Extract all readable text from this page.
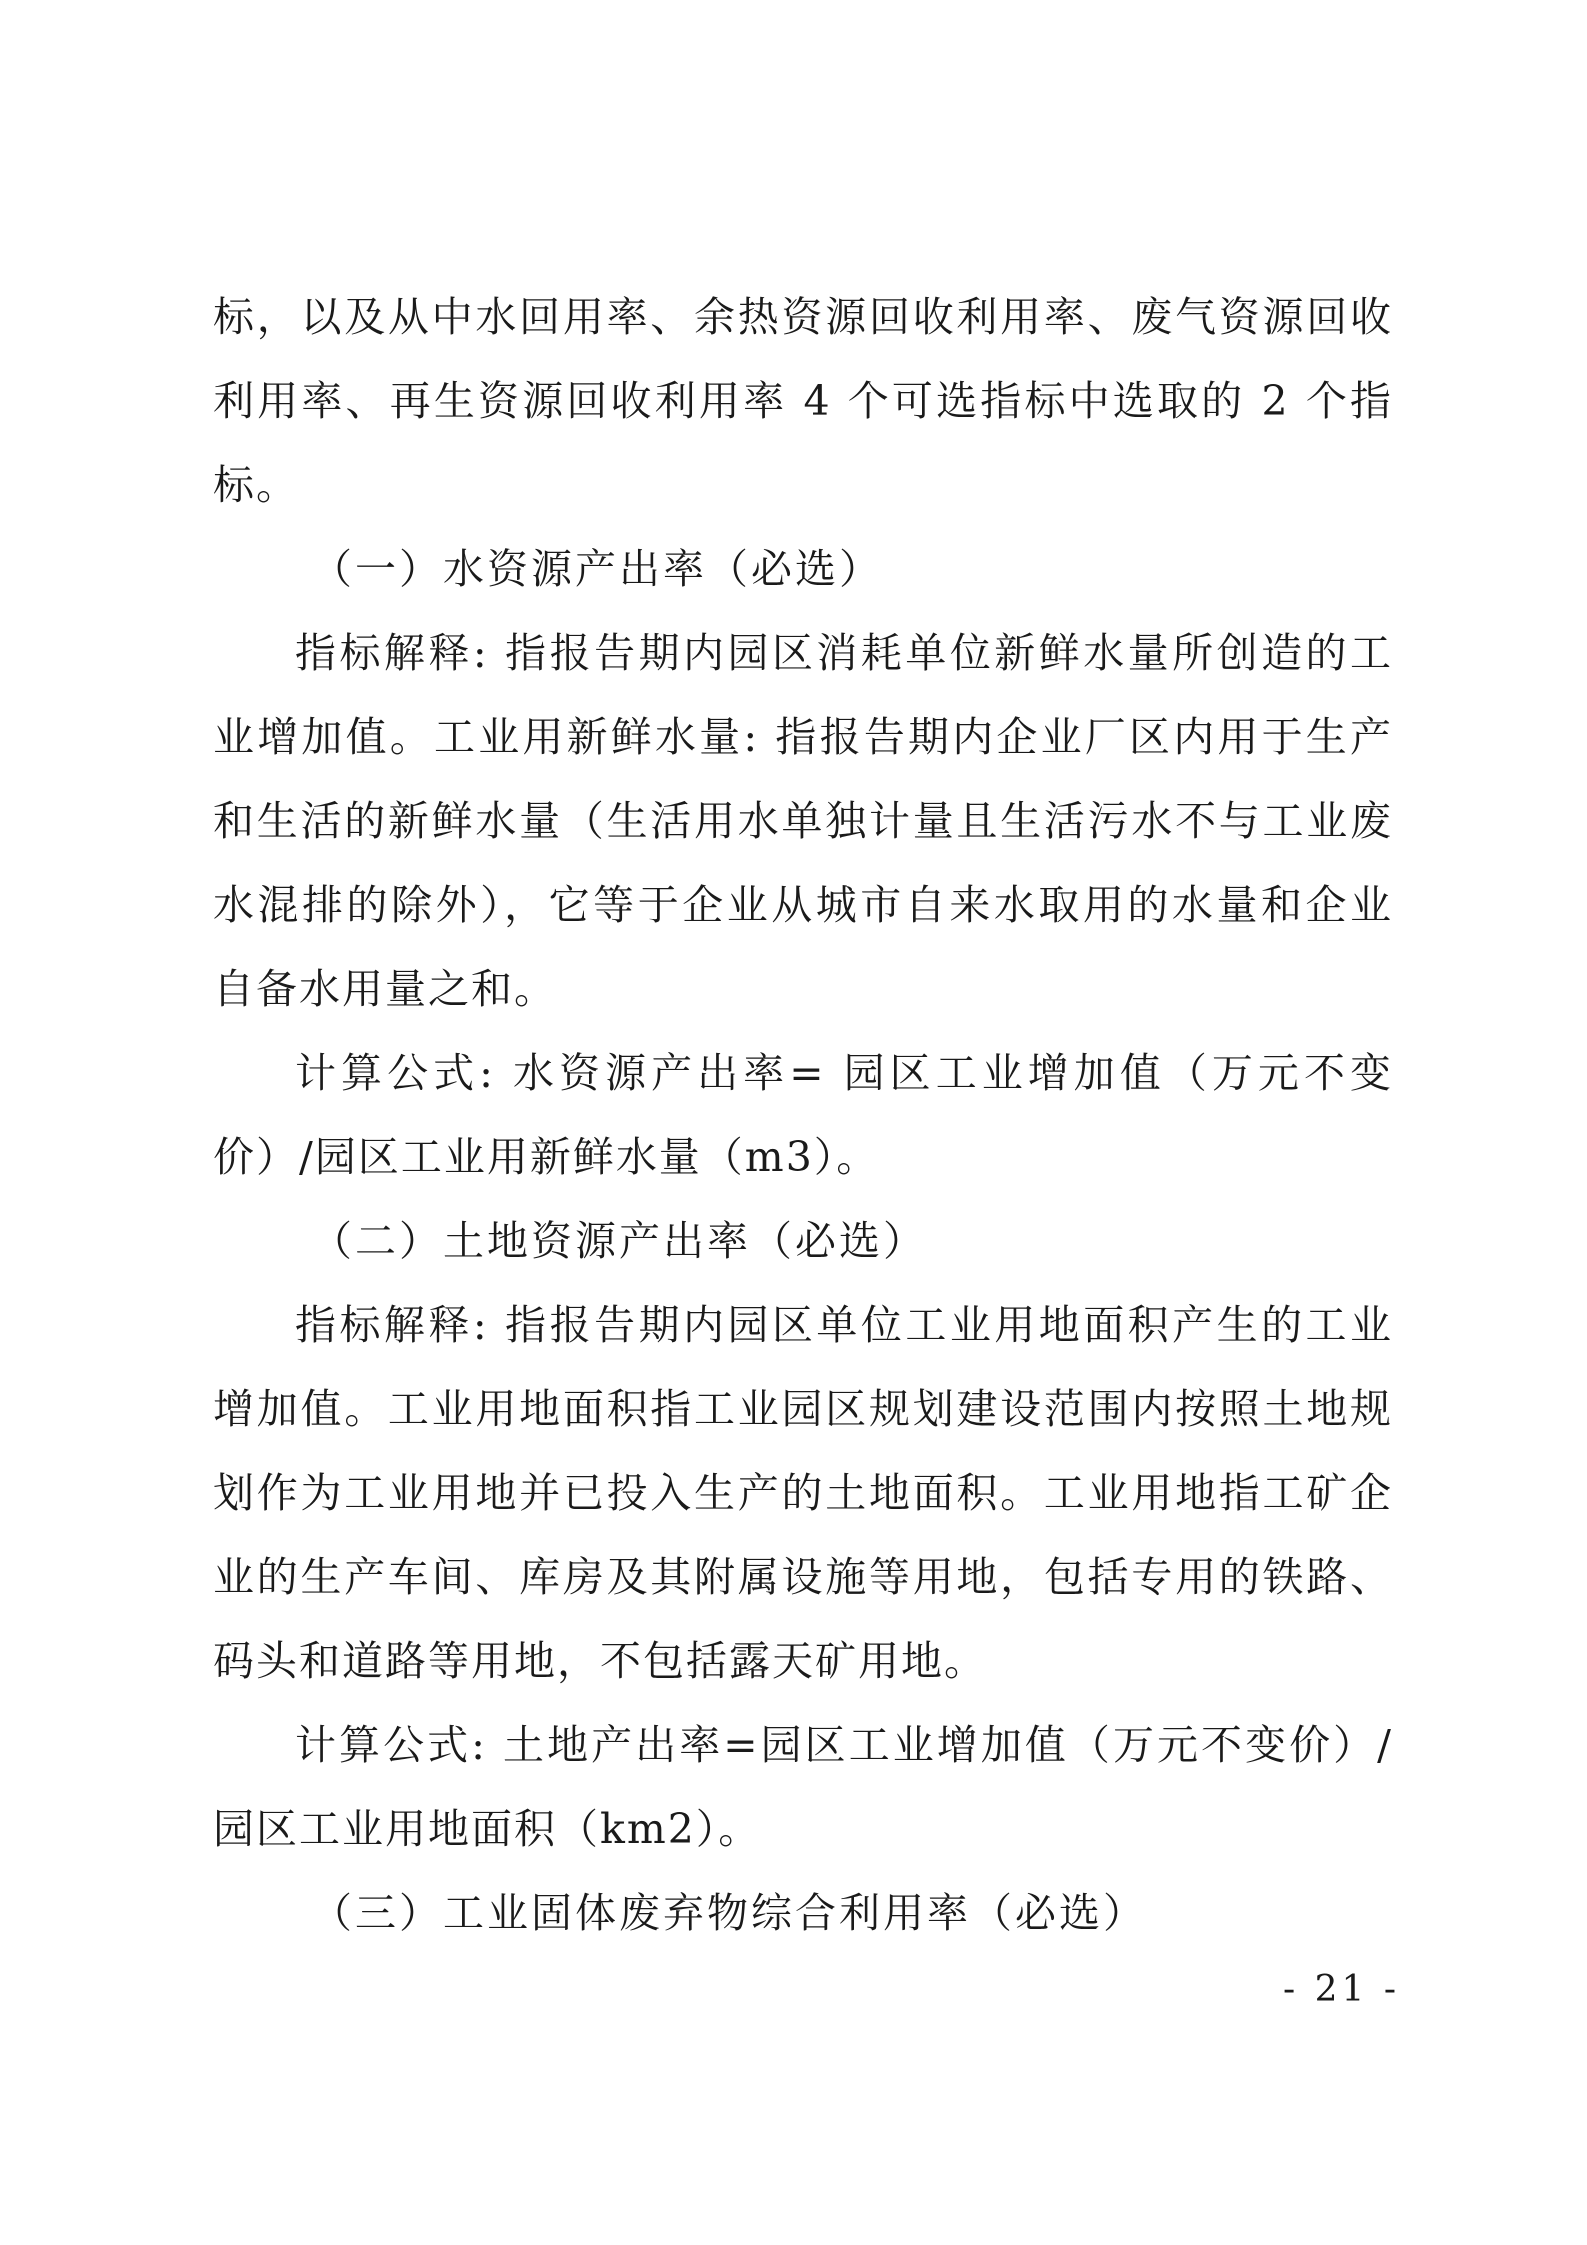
标，以及从中水回用率、余热资源回收利用率、废气资源回收利用率、再生资源回收利用率 4 个可选指标中选取的 2 个指标。

（一）水资源产出率（必选）

指标解释: 指报告期内园区消耗单位新鲜水量所创造的工业增加值。工业用新鲜水量: 指报告期内企业厂区内用于生产和生活的新鲜水量（生活用水单独计量且生活污水不与工业废水混排的除外），它等于企业从城市自来水取用的水量和企业自备水用量之和。

计算公式: 水资源产出率= 园区工业增加值（万元不变价）/园区工业用新鲜水量（m3）。

（二）土地资源产出率（必选）

指标解释: 指报告期内园区单位工业用地面积产生的工业增加值。工业用地面积指工业园区规划建设范围内按照土地规划作为工业用地并已投入生产的土地面积。工业用地指工矿企业的生产车间、库房及其附属设施等用地，包括专用的铁路、码头和道路等用地，不包括露天矿用地。

计算公式: 土地产出率=园区工业增加值（万元不变价）/园区工业用地面积（km2）。

（三）工业固体废弃物综合利用率（必选）

- 21 -
